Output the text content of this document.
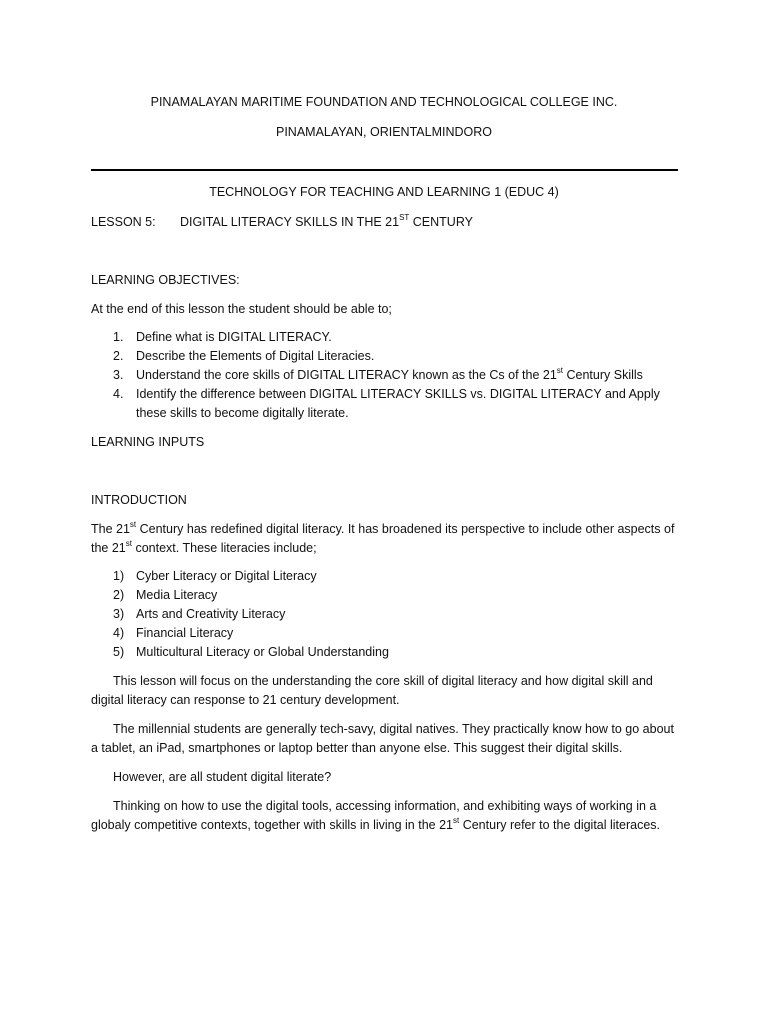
PINAMALAYAN MARITIME FOUNDATION AND TECHNOLOGICAL COLLEGE INC.
PINAMALAYAN, ORIENTALMINDORO
TECHNOLOGY FOR TEACHING AND LEARNING 1 (EDUC 4)
LESSON 5: DIGITAL LITERACY SKILLS IN THE 21ST CENTURY
LEARNING OBJECTIVES:
At the end of this lesson the student should be able to;
1. Define what is DIGITAL LITERACY.
2. Describe the Elements of Digital Literacies.
3. Understand the core skills of DIGITAL LITERACY known as the Cs of the 21st Century Skills
4. Identify the difference between DIGITAL LITERACY SKILLS vs. DIGITAL LITERACY and Apply these skills to become digitally literate.
LEARNING INPUTS
INTRODUCTION
The 21st Century has redefined digital literacy. It has broadened its perspective to include other aspects of the 21st context. These literacies include;
1) Cyber Literacy or Digital Literacy
2) Media Literacy
3) Arts and Creativity Literacy
4) Financial Literacy
5) Multicultural Literacy or Global Understanding
This lesson will focus on the understanding the core skill of digital literacy and how digital skill and digital literacy can response to 21 century development.
The millennial students are generally tech-savy, digital natives. They practically know how to go about a tablet, an iPad, smartphones or laptop better than anyone else. This suggest their digital skills.
However, are all student digital literate?
Thinking on how to use the digital tools, accessing information, and exhibiting ways of working in a globaly competitive contexts, together with skills in living in the 21st Century refer to the digital literaces.
